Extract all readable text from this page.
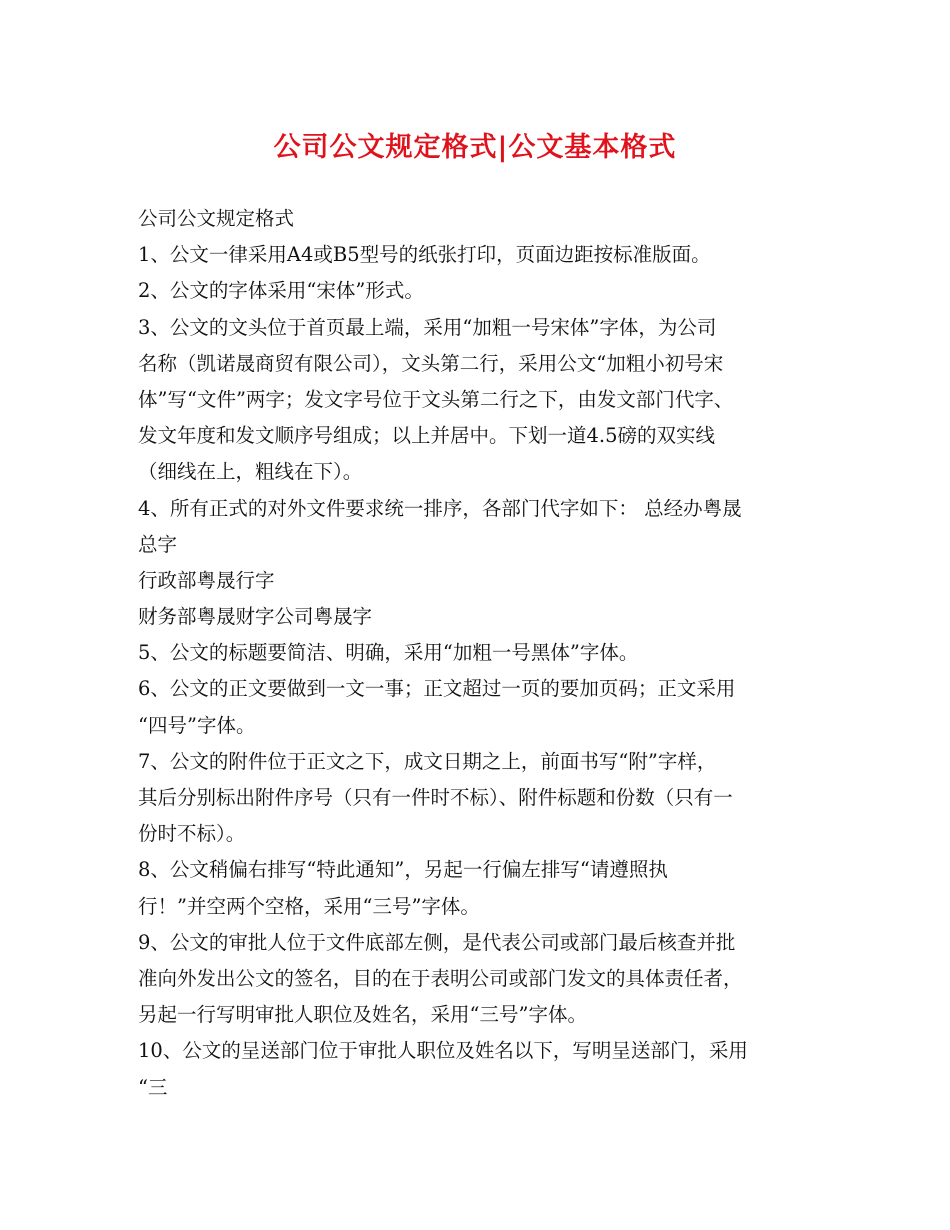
公司公文规定格式|公文基本格式
公司公文规定格式
1、公文一律采用A4或B5型号的纸张打印，页面边距按标准版面。
2、公文的字体采用“宋体”形式。
3、公文的文头位于首页最上端，采用“加粗一号宋体”字体，为公司
名称（凯诺晟商贸有限公司），文头第二行，采用公文“加粗小初号宋
体”写“文件”两字；发文字号位于文头第二行之下，由发文部门代字、
发文年度和发文顺序号组成；以上并居中。下划一道4.5磅的双实线
（细线在上，粗线在下）。
4、所有正式的对外文件要求统一排序，各部门代字如下： 总经办粤晟
总字
行政部粤晟行字
财务部粤晟财字公司粤晟字
5、公文的标题要简洁、明确，采用“加粗一号黑体”字体。
6、公文的正文要做到一文一事；正文超过一页的要加页码；正文采用
“四号”字体。
7、公文的附件位于正文之下，成文日期之上，前面书写“附”字样，
其后分别标出附件序号（只有一件时不标）、附件标题和份数（只有一
份时不标）。
8、公文稍偏右排写“特此通知”，另起一行偏左排写“请遵照执
行！”并空两个空格，采用“三号”字体。
9、公文的审批人位于文件底部左侧，是代表公司或部门最后核查并批
准向外发出公文的签名，目的在于表明公司或部门发文的具体责任者，
另起一行写明审批人职位及姓名，采用“三号”字体。
10、公文的呈送部门位于审批人职位及姓名以下，写明呈送部门，采用
“三
